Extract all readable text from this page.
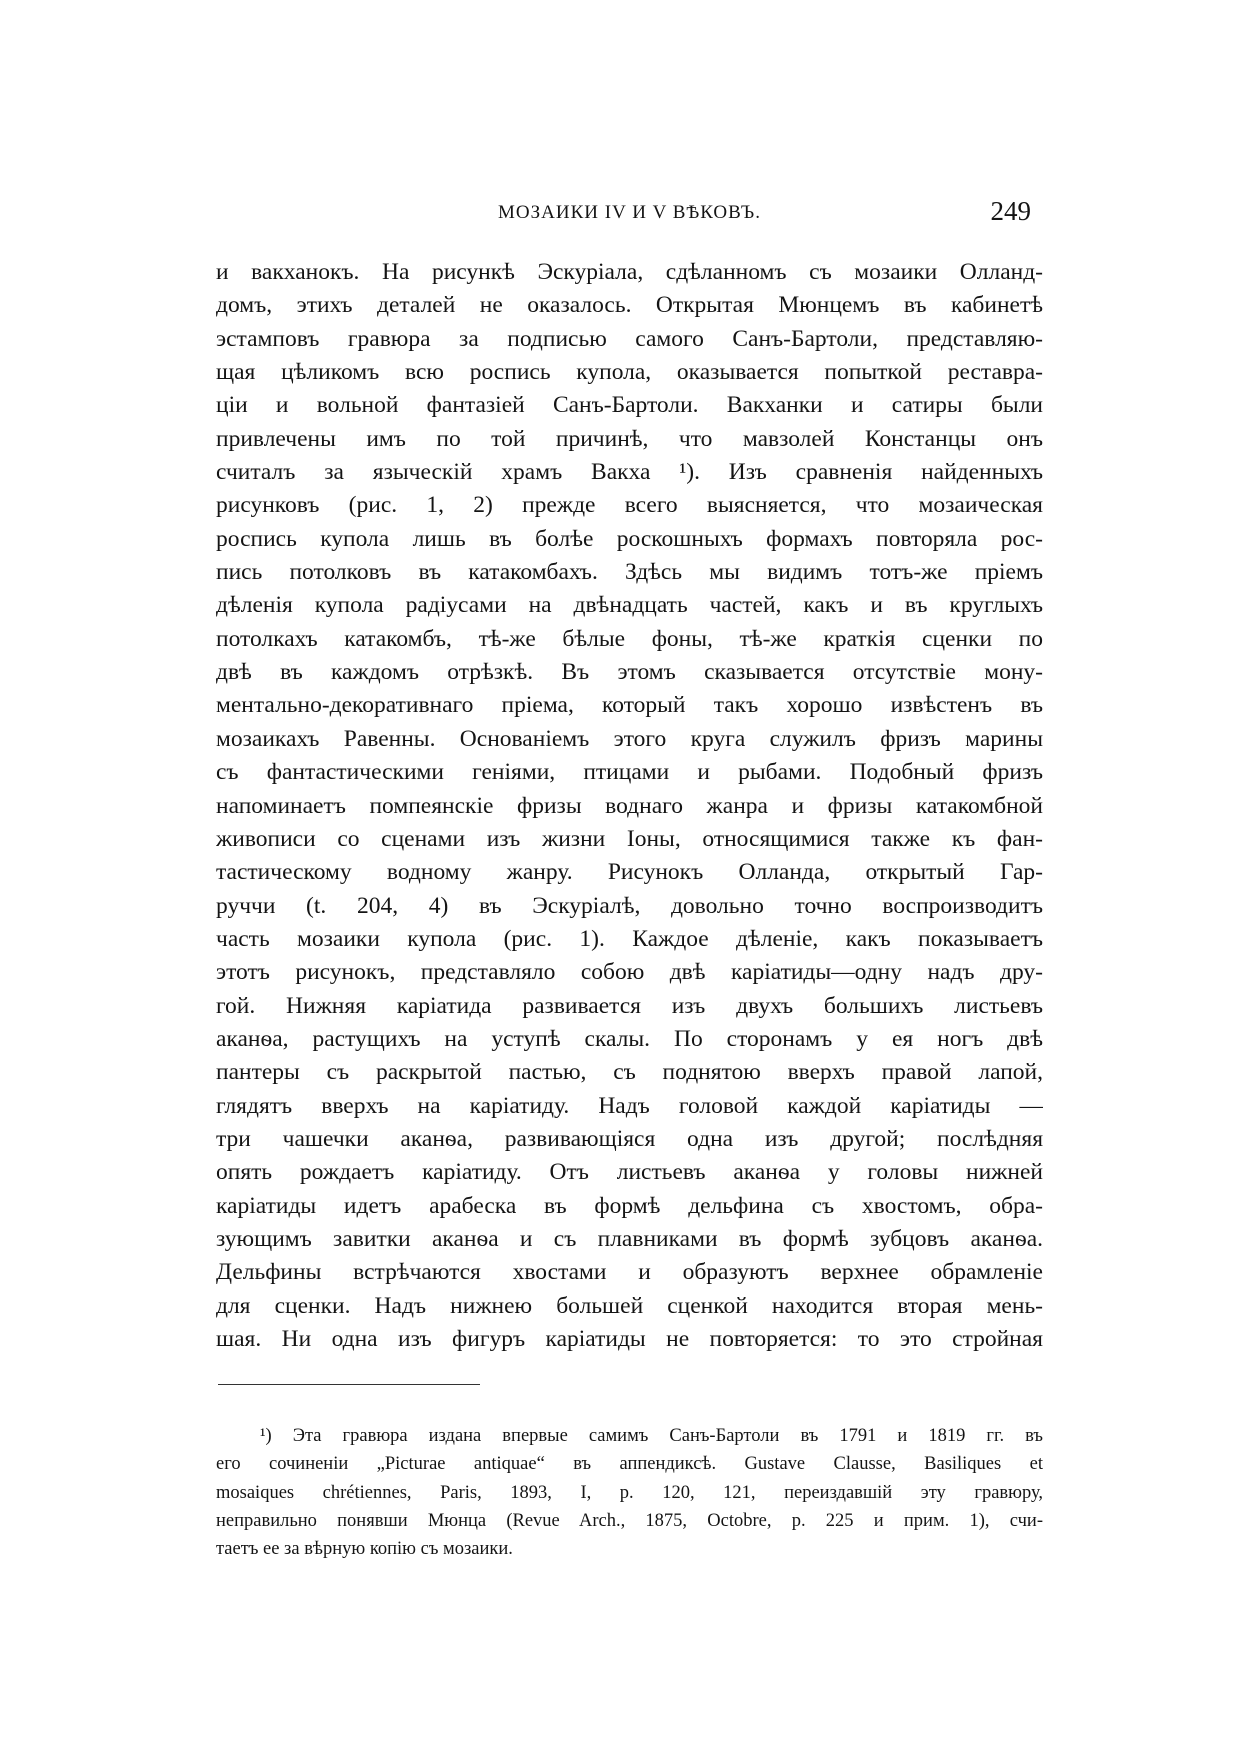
МОЗАИКИ IV И V ВѢКОВЪ.	249
и вакханокъ. На рисункѣ Эскуріала, сдѣланномъ съ мозаики Олланд-
домъ, этихъ деталей не оказалось. Открытая Мюнцемъ въ кабинетѣ
эстамповъ гравюра за подписью самого Санъ-Бартоли, представляю-
щая цѣликомъ всю роспись купола, оказывается попыткой реставра-
ціи и вольной фантазіей Санъ-Бартоли. Вакханки и сатиры были
привлечены имъ по той причинѣ, что мавзолей Констанцы онъ
считалъ за языческій храмъ Вакха ¹). Изъ сравненія найденныхъ
рисунковъ (рис. 1, 2) прежде всего выясняется, что мозаическая
роспись купола лишь въ болѣе роскошныхъ формахъ повторяла рос-
пись потолковъ въ катакомбахъ. Здѣсь мы видимъ тотъ-же пріемъ
дѣленія купола радіусами на двѣнадцать частей, какъ и въ круглыхъ
потолкахъ катакомбъ, тѣ-же бѣлые фоны, тѣ-же краткія сценки по
двѣ въ каждомъ отрѣзкѣ. Въ этомъ сказывается отсутствіе мону-
ментально-декоративнаго пріема, который такъ хорошо извѣстенъ въ
мозаикахъ Равенны. Основаніемъ этого круга служилъ фризъ марины
съ фантастическими геніями, птицами и рыбами. Подобный фризъ
напоминаетъ помпеянскіе фризы воднаго жанра и фризы катакомбной
живописи со сценами изъ жизни Іоны, относящимися также къ фан-
тастическому водному жанру. Рисунокъ Олланда, открытый Гар-
руччи (t. 204, 4) въ Эскуріалѣ, довольно точно воспроизводитъ
часть мозаики купола (рис. 1). Каждое дѣленіе, какъ показываетъ
этотъ рисунокъ, представляло собою двѣ каріатиды—одну надъ дру-
гой. Нижняя каріатида развивается изъ двухъ большихъ листьевъ
аканѳа, растущихъ на уступѣ скалы. По сторонамъ у ея ногъ двѣ
пантеры съ раскрытой пастью, съ поднятою вверхъ правой лапой,
глядятъ вверхъ на каріатиду. Надъ головой каждой каріатиды —
три чашечки аканѳа, развивающіяся одна изъ другой; послѣдняя
опять рождаетъ каріатиду. Отъ листьевъ аканѳа у головы нижней
каріатиды идетъ арабеска въ формѣ дельфина съ хвостомъ, обра-
зующимъ завитки аканѳа и съ плавниками въ формѣ зубцовъ аканѳа.
Дельфины встрѣчаются хвостами и образуютъ верхнее обрамленіе
для сценки. Надъ нижнею большей сценкой находится вторая мень-
шая. Ни одна изъ фигуръ каріатиды не повторяется: то это стройная
¹) Эта гравюра издана впервые самимъ Санъ-Бартоли въ 1791 и 1819 гг. въ
его сочиненіи „Picturae antiquae“ въ аппендиксѣ. Gustave Clausse, Basiliques et
mosaiques chrétiennes, Paris, 1893, I, p. 120, 121, переиздавшій эту гравюру,
неправильно понявши Мюнца (Revue Arch., 1875, Octobre, p. 225 и прим. 1), счи-
таетъ ее за вѣрную копію съ мозаики.
